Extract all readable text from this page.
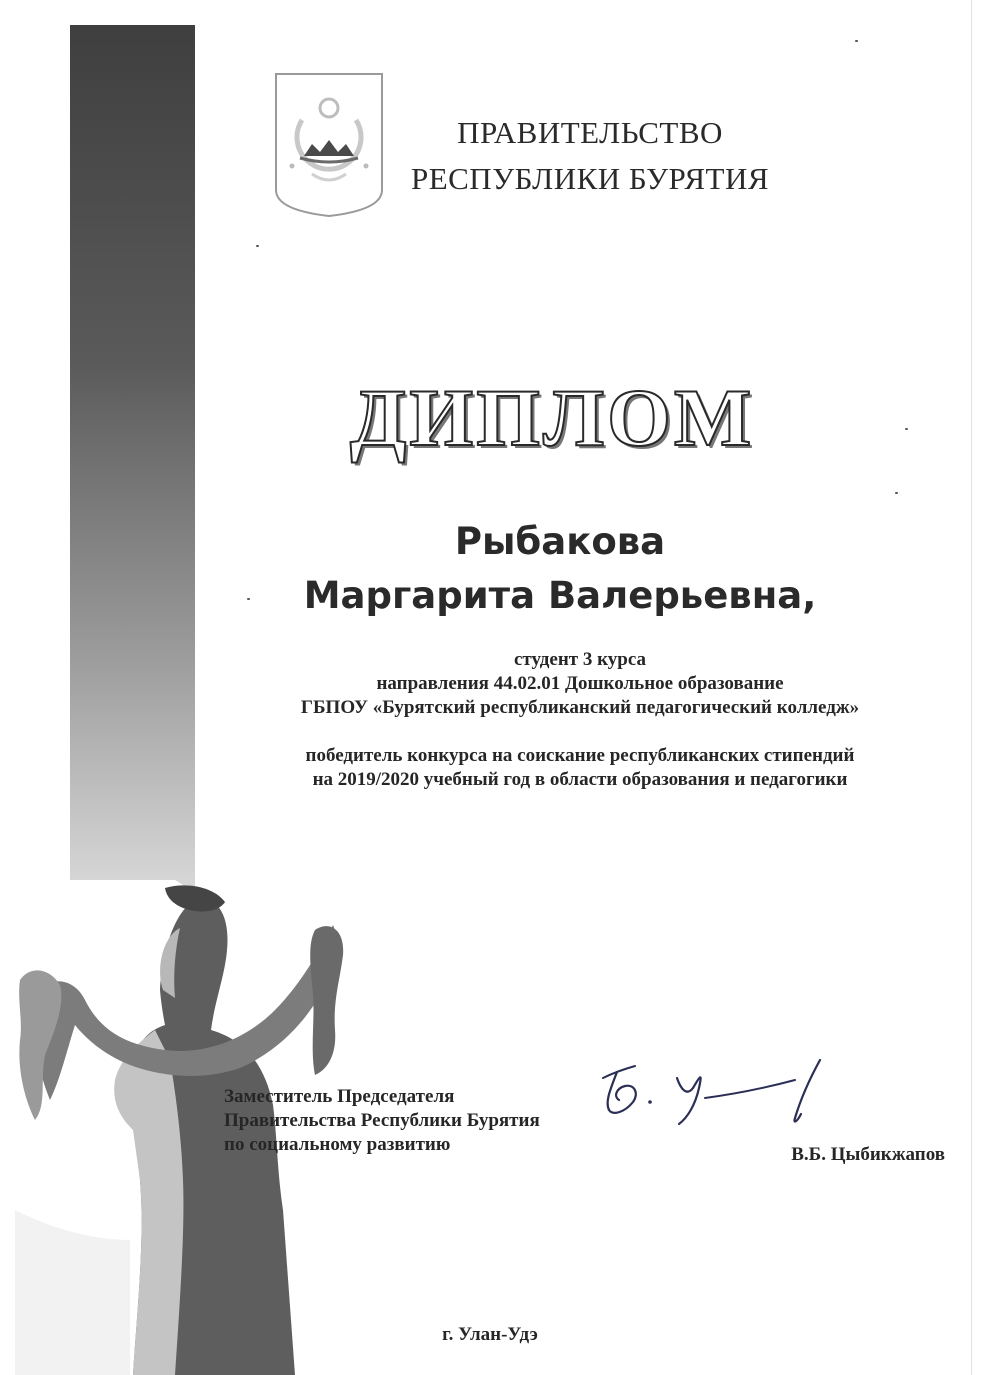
ПРАВИТЕЛЬСТВО
РЕСПУБЛИКИ БУРЯТИЯ
ДИПЛОМ
Рыбакова
Маргарита Валерьевна,
студент 3 курса
направления 44.02.01 Дошкольное образование
ГБПОУ «Бурятский республиканский педагогический колледж»
победитель конкурса на соискание республиканских стипендий
на 2019/2020 учебный год в области образования и педагогики
Заместитель Председателя
Правительства Республики Бурятия
по социальному развитию	В.Б. Цыбикжапов
г. Улан-Удэ
